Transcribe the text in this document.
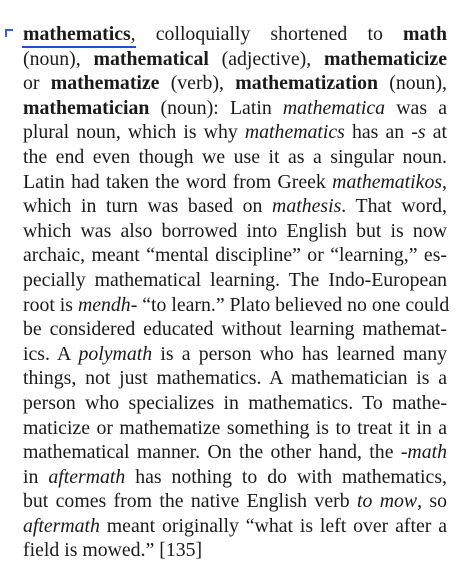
mathematics, colloquially shortened to math
(noun), mathematical (adjective), mathematicize
or mathematize (verb), mathematization (noun),
mathematician (noun): Latin mathematica was a
plural noun, which is why mathematics has an -s at
the end even though we use it as a singular noun.
Latin had taken the word from Greek mathematikos,
which in turn was based on mathesis. That word,
which was also borrowed into English but is now
archaic, meant “mental discipline” or “learning,” es-
pecially mathematical learning. The Indo-European
root is mendh- “to learn.” Plato believed no one could
be considered educated without learning mathemat-
ics. A polymath is a person who has learned many
things, not just mathematics. A mathematician is a
person who specializes in mathematics. To mathe-
maticize or mathematize something is to treat it in a
mathematical manner. On the other hand, the -math
in aftermath has nothing to do with mathematics,
but comes from the native English verb to mow, so
aftermath meant originally “what is left over after a
field is mowed.” [135]
